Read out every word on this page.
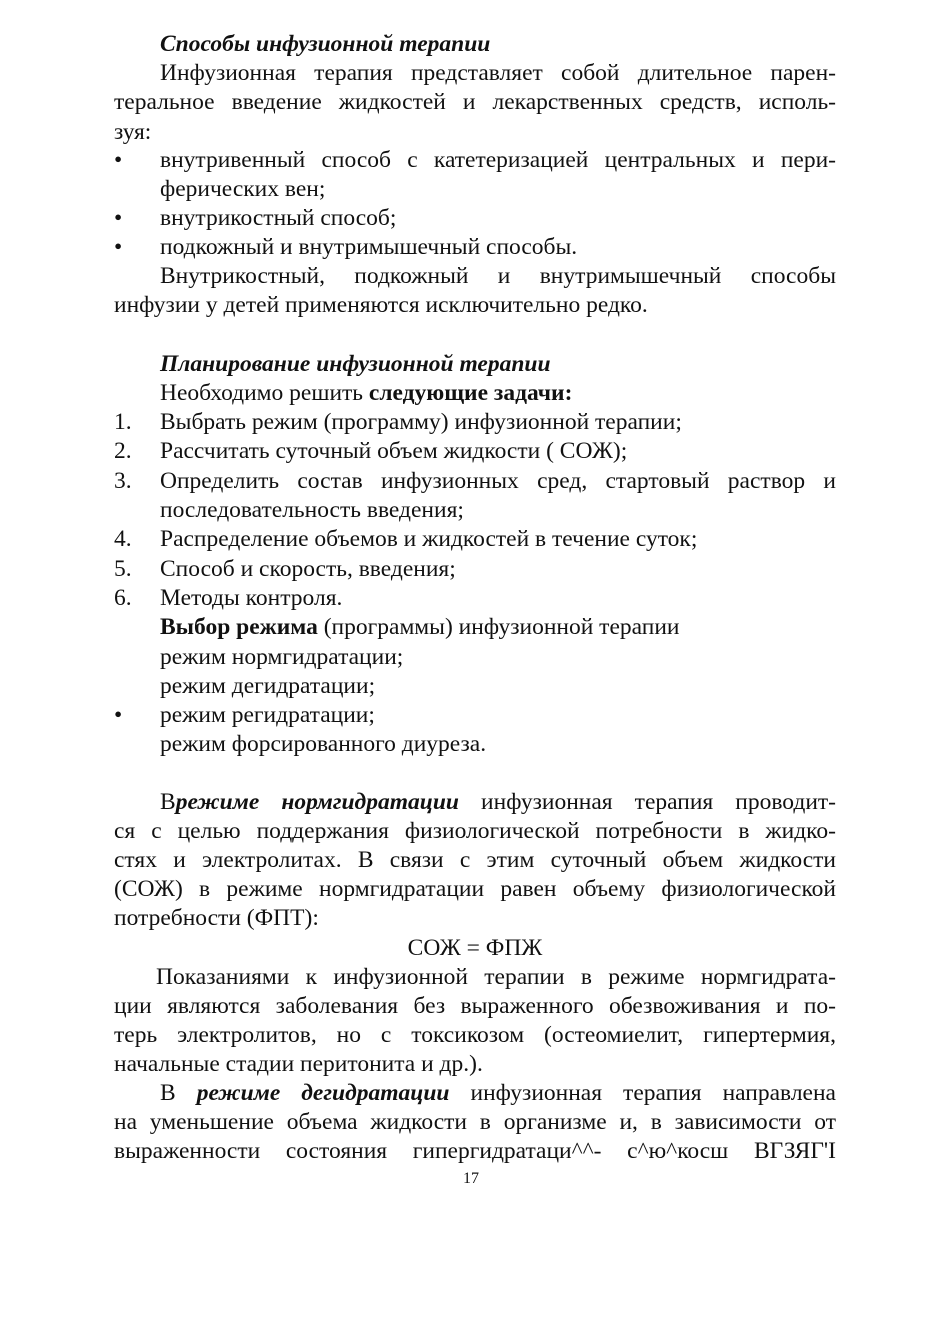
Способы инфузионной терапии
Инфузионная терапия представляет собой длительное парен-
теральное введение жидкостей и лекарственных средств, исполь-
зуя:
• внутривенный способ с катетеризацией центральных и пери-
ферических вен;
• внутрикостный способ;
• подкожный и внутримышечный способы.
Внутрикостный, подкожный и внутримышечный способы
инфузии у детей применяются исключительно редко.
Планирование инфузионной терапии
Необходимо решить следующие задачи:
1. Выбрать режим (программу) инфузионной терапии;
2. Рассчитать суточный объем жидкости ( СОЖ);
3. Определить состав инфузионных сред, стартовый раствор и
последовательность введения;
4. Распределение объемов и жидкостей в течение суток;
5. Способ и скорость, введения;
6. Методы контроля.
Выбор режима (программы) инфузионной терапии
режим нормгидратации;
режим дегидратации;
• режим регидратации;
режим форсированного диуреза.
Врежиме нормгидратации инфузионная терапия проводит-
ся с целью поддержания физиологической потребности в жидко-
стях и электролитах. В связи с этим суточный объем жидкости
(СОЖ) в режиме нормгидратации равен объему физиологической
потребности (ФПТ):
СОЖ = ФПЖ
Показаниями к инфузионной терапии в режиме нормгидрата-
ции являются заболевания без выраженного обезвоживания и по-
терь электролитов, но с токсикозом (остеомиелит, гипертермия,
начальные стадии перитонита и др.).
В режиме дегидратации инфузионная терапия направлена
на уменьшение объема жидкости в организме и, в зависимости от
выраженности состояния гипергидратаци^^- с^ю^косш ВГЗЯГ'I
17
